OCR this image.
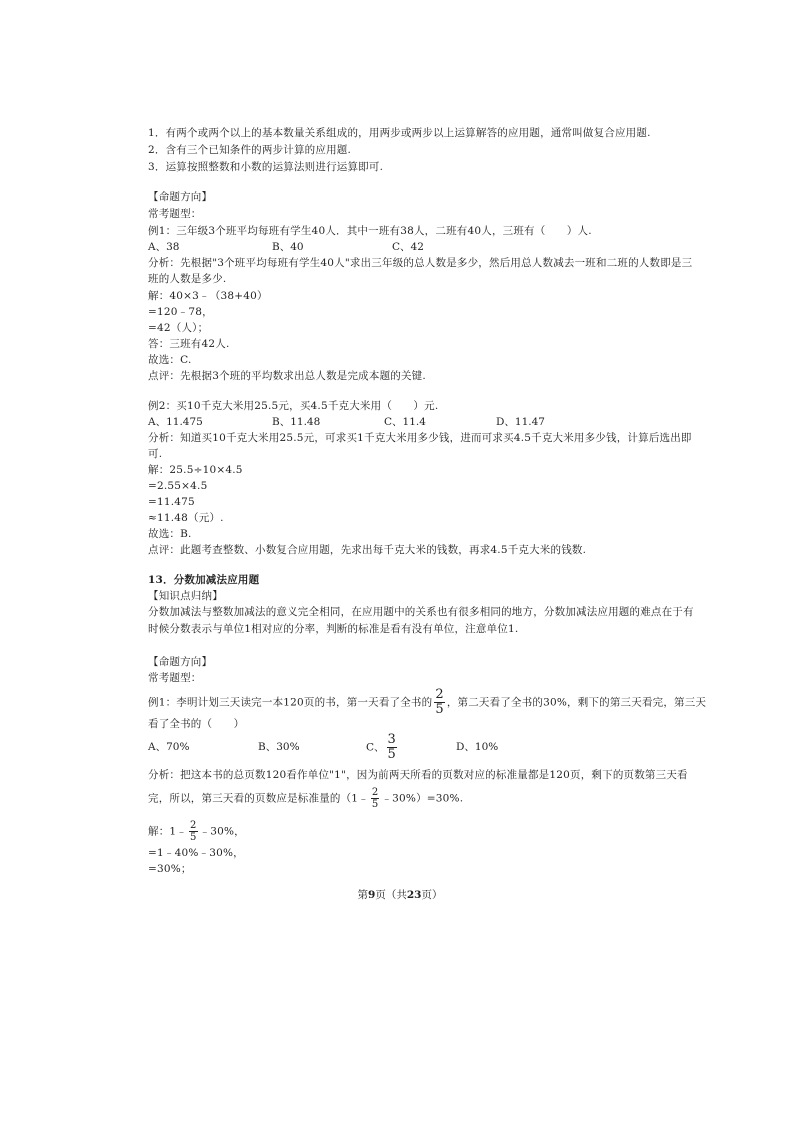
1．有两个或两个以上的基本数量关系组成的，用两步或两步以上运算解答的应用题，通常叫做复合应用题.
2．含有三个已知条件的两步计算的应用题.
3．运算按照整数和小数的运算法则进行运算即可.
【命题方向】
常考题型：
例1：三年级3个班平均每班有学生40人．其中一班有38人，二班有40人，三班有（　　）人.
A、38	B、40	C、42
分析：先根据"3个班平均每班有学生40人"求出三年级的总人数是多少，然后用总人数减去一班和二班的人数即是三
班的人数是多少.
解：40×3﹣（38+40）
=120﹣78，
=42（人）；
答：三班有42人.
故选：C.
点评：先根据3个班的平均数求出总人数是完成本题的关键.
例2：买10千克大米用25.5元，买4.5千克大米用（　　）元.
A、11.475	B、11.48	C、11.4	D、11.47
分析：知道买10千克大米用25.5元，可求买1千克大米用多少钱，进而可求买4.5千克大米用多少钱，计算后选出即
可.
解：25.5÷10×4.5
=2.55×4.5
=11.475
≈11.48（元）.
故选：B.
点评：此题考查整数、小数复合应用题，先求出每千克大米的钱数，再求4.5千克大米的钱数.
13．分数加减法应用题
【知识点归纳】
分数加减法与整数加减法的意义完全相同，在应用题中的关系也有很多相同的地方，分数加减法应用题的难点在于有
时候分数表示与单位1相对应的分率，判断的标准是看有没有单位，注意单位1.
【命题方向】
常考题型：
例1：李明计划三天读完一本120页的书，第一天看了全书的 $\frac{2}{5}$ ，第二天看了全书的30%，剩下的第三天看完，第三天
看了全书的（　　）
A、70%	B、30%	C、 $\frac{3}{5}$	D、10%
分析：把这本书的总页数120看作单位"1"，因为前两天所看的页数对应的标准量都是120页，剩下的页数第三天看
完，所以，第三天看的页数应是标准量的（1﹣ $\frac{2}{5}$ ﹣30%）=30%.
解：1﹣ $\frac{2}{5}$ ﹣30%，
=1﹣40%﹣30%，
=30%；
第9页（共23页）
